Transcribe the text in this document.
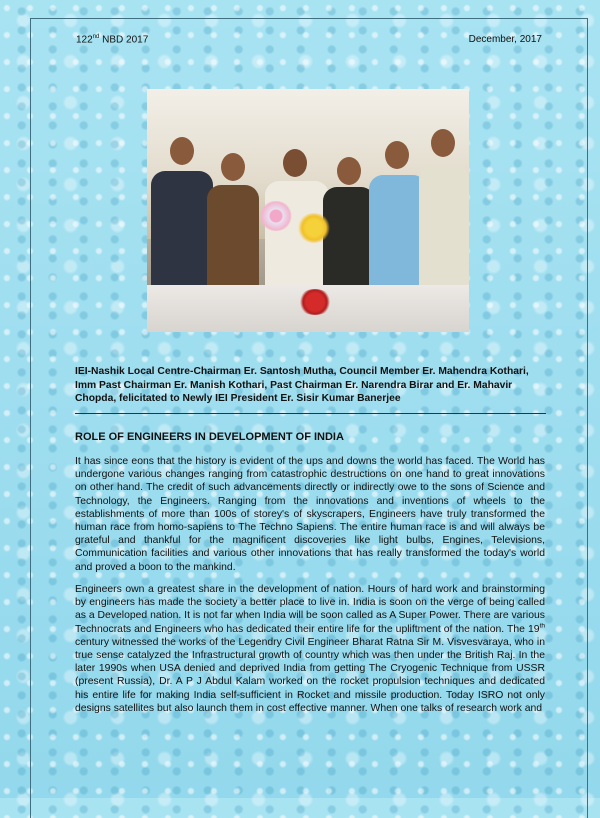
122nd NBD 2017	December, 2017
IEI-Nashik Local Centre-Chairman Er. Santosh Mutha, Council Member Er. Mahendra Kothari, Imm Past Chairman Er. Manish Kothari, Past Chairman Er. Narendra Birar and Er. Mahavir Chopda, felicitated to Newly IEI President Er. Sisir Kumar Banerjee
ROLE OF ENGINEERS IN DEVELOPMENT OF INDIA

It has since eons that the history is evident of the ups and downs the world has faced. The World has undergone various changes ranging from catastrophic destructions on one hand to great innovations on other hand. The credit of such advancements directly or indirectly owe to the sons of Science and Technology, the Engineers. Ranging from the innovations and inventions of wheels to the establishments of more than 100s of storey's of skyscrapers, Engineers have truly transformed the human race from homo-sapiens to The Techno Sapiens. The entire human race is and will always be grateful and thankful for the magnificent discoveries like light bulbs, Engines, Televisions, Communication facilities and various other innovations that has really transformed the today's world and proved a boon to the mankind.

Engineers own a greatest share in the development of nation. Hours of hard work and brainstorming by engineers has made the society a better place to live in. India is soon on the verge of being called as a Developed nation. It is not far when India will be soon called as A Super Power. There are various Technocrats and Engineers who has dedicated their entire life for the upliftment of the nation. The 19th century witnessed the works of the Legendry Civil Engineer Bharat Ratna Sir M. Visvesvaraya, who in true sense catalyzed the Infrastructural growth of country which was then under the British Raj. In the later 1990s when USA denied and deprived India from getting The Cryogenic Technique from USSR (present Russia), Dr. A P J Abdul Kalam worked on the rocket propulsion techniques and dedicated his entire life for making India self-sufficient in Rocket and missile production. Today ISRO not only designs satellites but also launch them in cost effective manner. When one talks of research work and
